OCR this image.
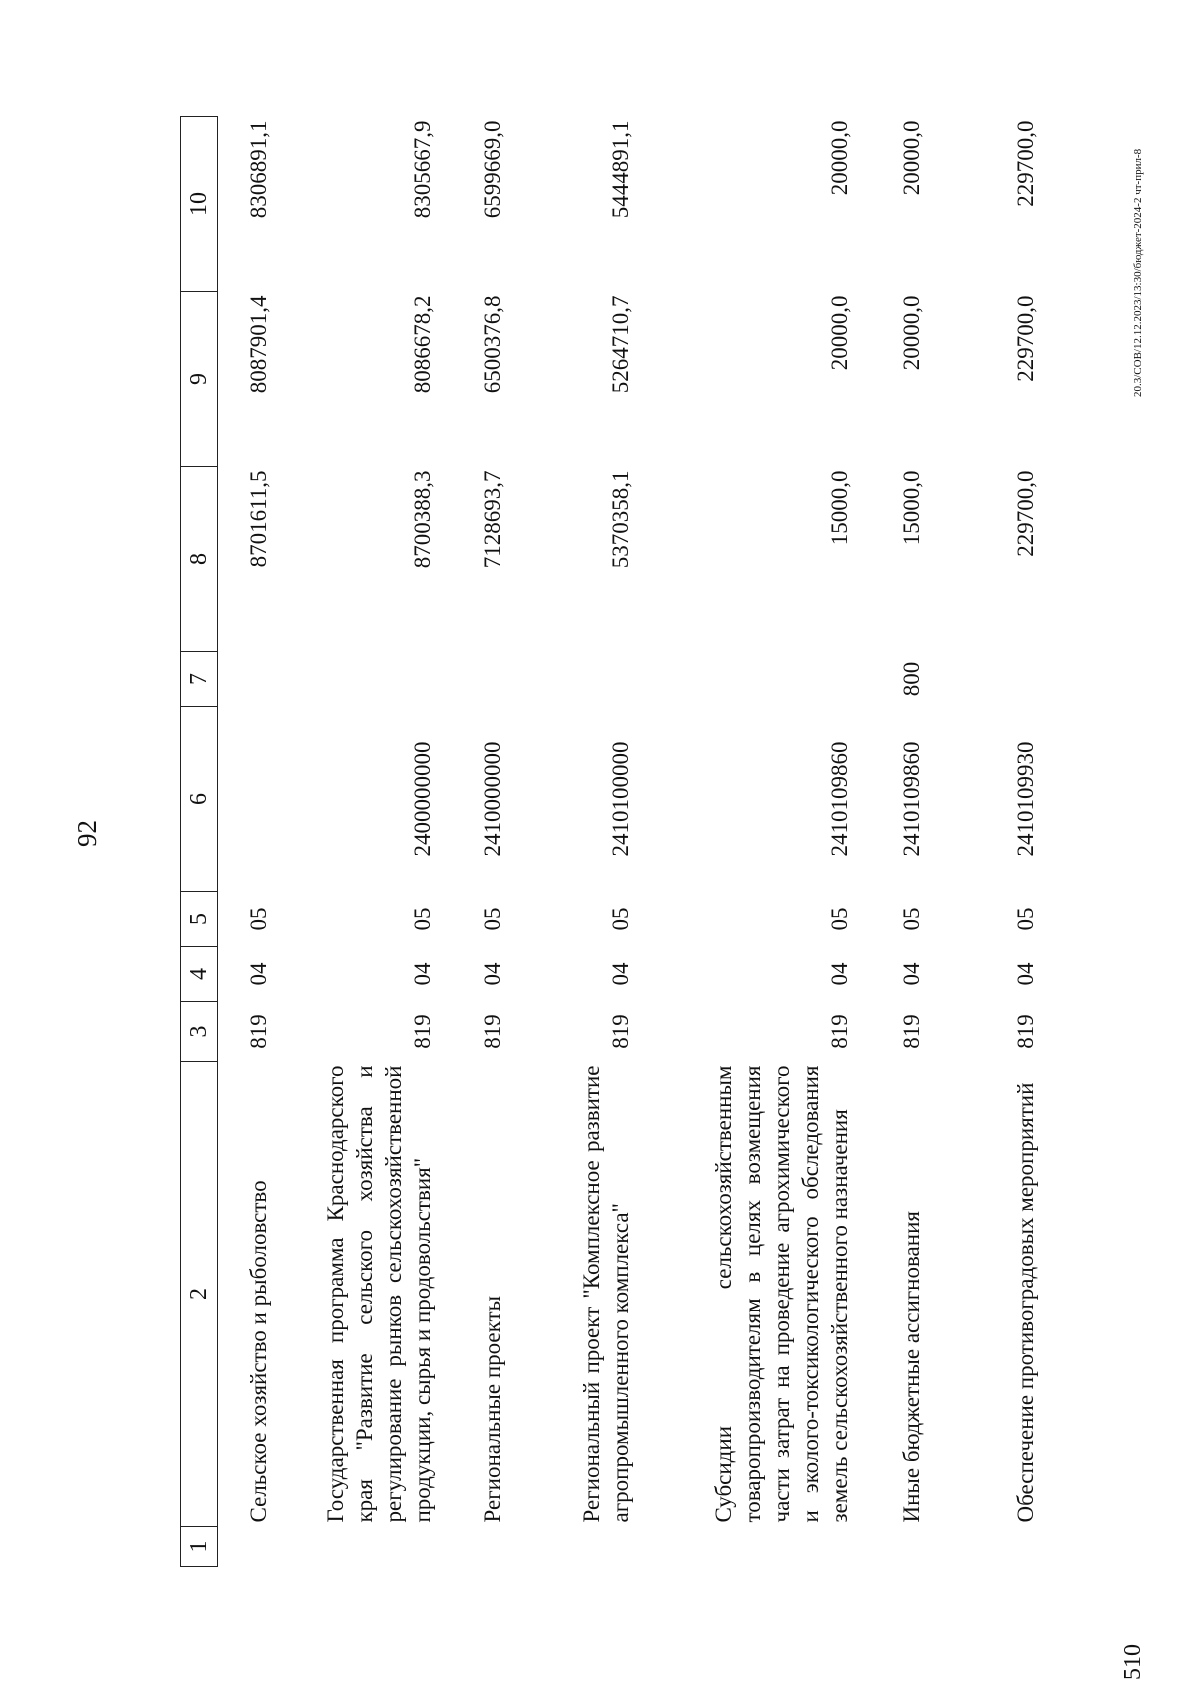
92
1	2	3	4	5	6	7	8	9	10
	Сельское хозяйство и рыболовство	819	04	05			8701611,5	8087901,4	8306891,1
	Государственная программа Краснодарского края "Развитие сельского хозяйства и регулирование рынков сельскохозяйственной продукции, сырья и продовольствия"	819	04	05	2400000000		8700388,3	8086678,2	8305667,9
	Региональные проекты	819	04	05	2410000000		7128693,7	6500376,8	6599669,0
	Региональный проект "Комплексное развитие агропромышленного комплекса"	819	04	05	2410100000		5370358,1	5264710,7	5444891,1
	Субсидии сельскохозяйственным товаропроизводителям в целях возмещения части затрат на проведение агрохимического и эколого-токсикологического обследования земель сельскохозяйственного назначения	819	04	05	2410109860		15000,0	20000,0	20000,0
	Иные бюджетные ассигнования	819	04	05	2410109860	800	15000,0	20000,0	20000,0
	Обеспечение противоградовых мероприятий	819	04	05	2410109930		229700,0	229700,0	229700,0	20.3/СОВ/12.12.2023/13:30/бюджет-2024-2 чт-прил-8
510
